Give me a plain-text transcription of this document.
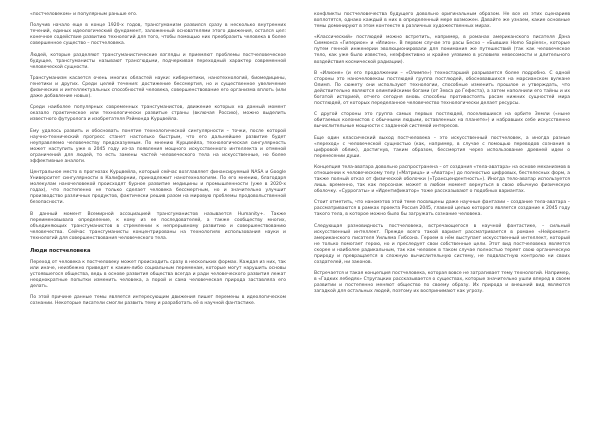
«постчеловеком» и популярным раньше его.

Получив начало еще в конце 1920-х годов, трансгуманизм развился сразу в несколько внутренних течений, единых идеологический фундамент, заложенный основателями этого движения, остался цел: конечное содействие развитию технологий для того, чтобы помощью них преобразить человека в более совершенное существо – постчеловека.

Людей, которые разделяют трансгуманистические взгляды и приемлют проблемы постчеловеческое будущее, трансгуманисты называют трансгюдьми, подчеркивая переходный характер современной человеческой сущности.

Трансгуманизм касается очень многих областей науки: кибернетики, нанотехнологий, биомедицины, генетики и других. Среди целей течения: достижение бессмертия, но и существенное увеличение физических и интеллектуальных способностей человека, совершенствование его организма вплоть (или даже добавление новых).

Среди наиболее популярных современных трансгуманистов, движение которых на данный момент оказало практическое или технологически развитые страны (включая Россию), можно выделить известного футуролога и изобретателя Рэймонда Курцвейла.

Ему удалось развить и обосновать понятие технологической сингулярности – точки, после которой научно-технический прогресс станет настолько быстрым, что его дальнейшее развитие будет неуправляемо человечеству предсказуемым. По мнению Курцвейла, технологическая сингулярность может наступить уже в 2045 году из-за появления мощного искусственного интеллекта и отменой ограничений для людей, то есть замены частей человеческого тела на искусственные, но более эффективные аналоги.

Центральное место в прогнозах Курцвейла, который сейчас возглавляет финансируемый NASA и Google Университет сингулярности в Калифорнии, принадлежит нанотехнологиям. По его мнению, благодаря молекулам наночеловекой происходят бурное развитие медицины и промышленности (уже в 2020-х годах), что постепенно не только сделает человека бессмертным, но и значительно улучшит производство различных продуктов, фактически решив разом на мировую проблемы продовольственной безопасности.

В данный момент Всемирной ассоциацией трансгуманистов называется Humanity+. Также переименовывала определение, к кому из ее последователей, а также сообществу многих, объединяющих трансгуманистов в стремлении к непрерывному развитию и совершенствованию человечества. Сейчас трансгуманисты концентрированы на технологиях использования науки и технологий для совершенствования человеческого тела.

Люди постчеловека

Переход от человека к постчеловеку может происходить сразу в нескольких формах. Каждая из них, так или иначе, неизбежно приведет к каким-либо социальным переменам, которые могут нарушить основы устоявшегося общества, ведь в основе развития общества всегда и ради человеческого развития лежат неоднократные попытки изменить человека, а порой и сама человеческая природа заставляла его делать.

По этой причине данные темы является интересующим движения пишет перемены в идеологическом сознании. Некоторые писатели смогли развить тему и разработать её в научной фантастике.

конфликты постчеловечества будущего довольно оригинальным образом. Не все из этих сценариев воплотятся, однако каждый в них в определенный мере возможен. Давайте же узнаем, какие основные темы доминируют в этом контексте в различных художественных мирах.

«Классический» постлюдей можно встретить, например, в романах американского писателя Дэна Симмонса «Гиперион» и «Илион». В первом случае это расы Бесхо – «Бывших Homo Sapiens», которые путем генной инженерии эволюционировали для понимания же путешествий (так как человеческое тело, как уже было известно, неэффективно и крайне уязвимо в условиях невесомости и длительного воздействия космической радиации).

В «Илионе» (и его продолжении – «Олимпе») техностарший разрывается более подробно. С одной стороны это наночеловекаы постлюдей группа постлюдей, обосновавшихся на марсианском вулкане Олимп. По сюжету они используют технологии, способные изменить прошлое и утверждать, что действительно являются олимпийскими богами (от Зевса до Гефеста), а затем наполнили его тайны и их богатой историей, отчего сегодня вновь способны противостоять расам нижних сущностей мира постлюдей, от которых переделанное человечество технологически делает ресурсы.

С другой стороны это группа самых первых постлюдей, поселившихся на орбите Земли («ныне обитаемых колонистов с обычными людьми, оставленных на планете») и набравших себе искусственно вычислительные мощности с заданной системой интересов.

Еще один классический выход постчеловека – это искусственный постчеловек, а иногда разные «переход» с человеческой сущностью (как, например, в случае с помощью переводов сознания в цифровой облик), достигнув, таким образом, бессмертия через использование древней идеи о перенесении души.

Концепция тела-аватара довольно распространена – от создания «тела-аватара» на основе механизмов в отношении к человеческому телу («Матрица» и «Аватар») до полностью цифровых, бестелесных форм, а также полный отказ от физической оболочки («Трансцендентность»). Иногда тело-аватар используется лишь временно, так как персонаж может в любом момент вернуться в свою обычную физическую оболочку. «Суррогаты» и «Идентификатор» тоже рассказывают о подобных вариантах.

Стоит отметить, что наномэтов этой теме посвящены даже научные фантазии – создание тела-аватара – рассматриваются в рамках проекта Россия 2045, главной целью которого является создание к 2045 году такого тела, в которое можно было бы загружать сознание человека.

Следующая разновидность постчеловека, встречающегося в научной фантастике, – сильный искусственный интеллект. Прежде всего такой вариант рассматривается в романе «Нейромант» американского писателя Уильяма Гибсона. Героем в нём выступает искусственный интеллект, который не только помогает герою, но и преследует свои собственные цели. Этот вид постчеловека является скорее и наиболее радикальным, так как человек в таком случае полностью теряет свою органическую природу и превращается в сложную вычислительную систему, не подвластную контролю ни своих создателей, ни законов.

Встречается и такая концепция постчеловека, которая вовсе не затрагивает тему технологий. Например, в «Гадких лебедях» Стругацких рассказывается о существах, которые значительно ушли вперед в своем развитии и постепенно меняют общество по своему образу. Их природа и внешний вид являются загадкой для остальных людей, поэтому их воспринимают как угрозу.
